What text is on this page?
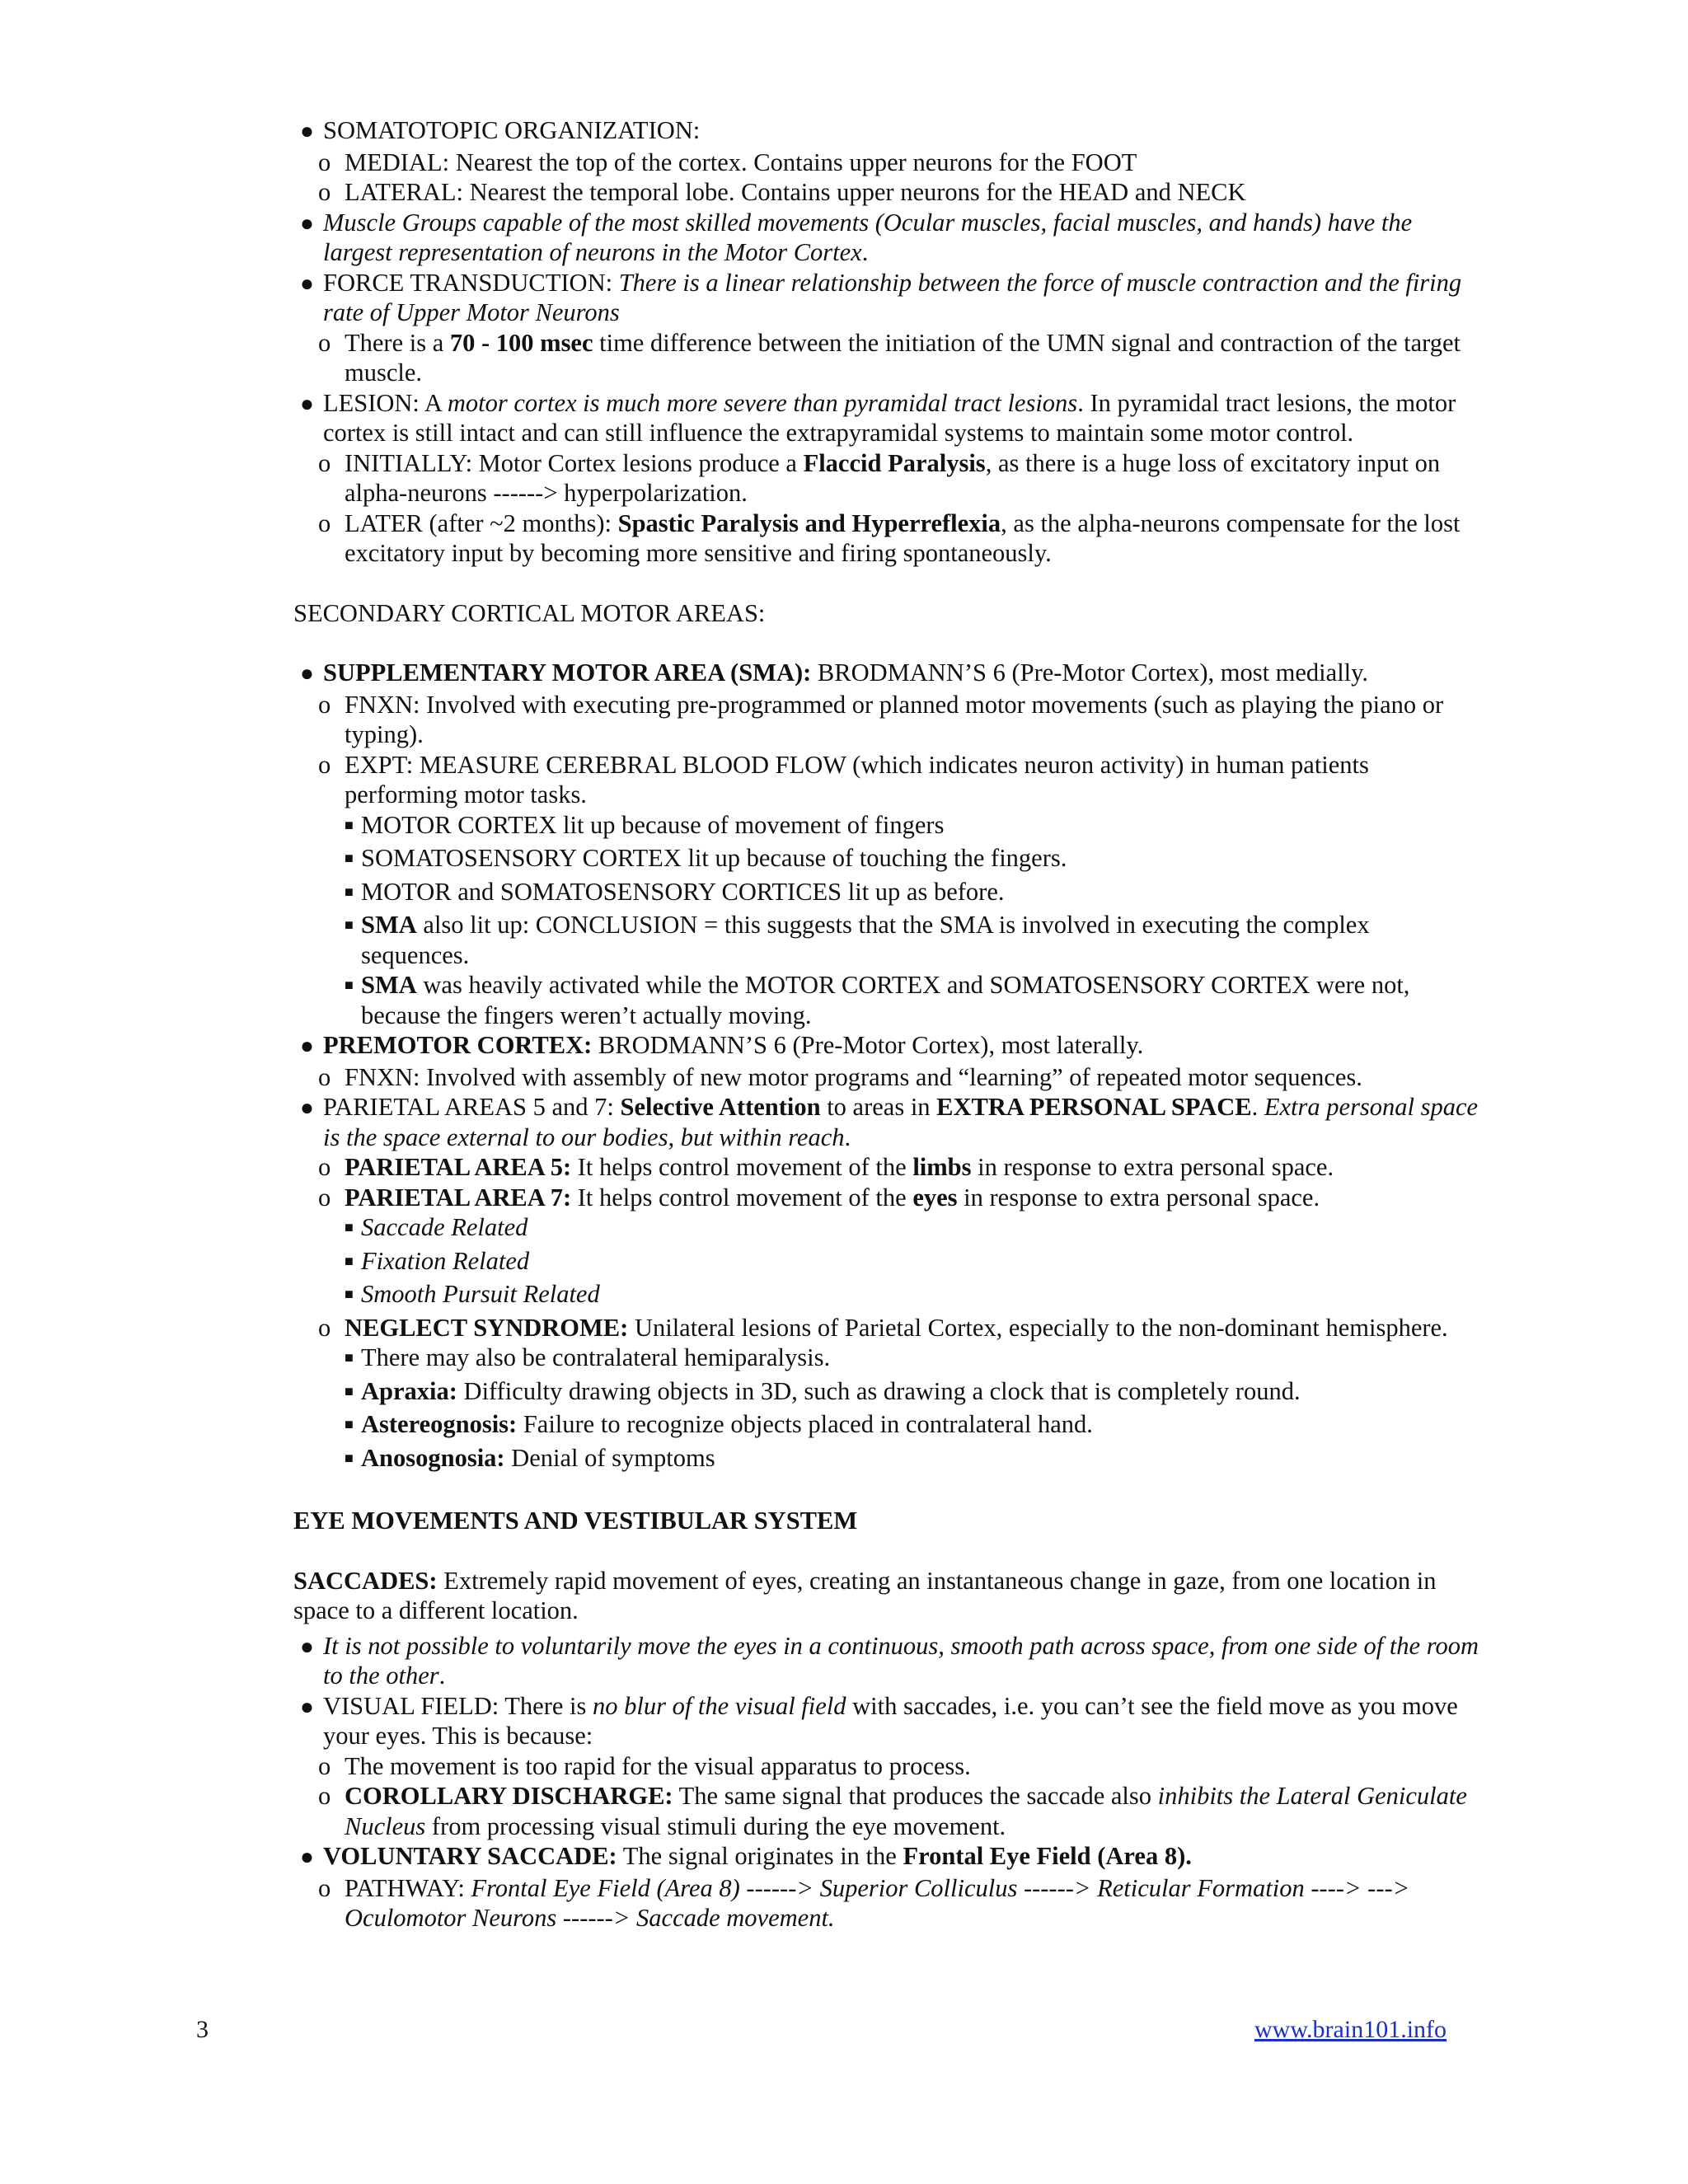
● SOMATOTOPIC ORGANIZATION:
o MEDIAL: Nearest the top of the cortex. Contains upper neurons for the FOOT
o LATERAL: Nearest the temporal lobe. Contains upper neurons for the HEAD and NECK
● Muscle Groups capable of the most skilled movements (Ocular muscles, facial muscles, and hands) have the largest representation of neurons in the Motor Cortex.
● FORCE TRANSDUCTION: There is a linear relationship between the force of muscle contraction and the firing rate of Upper Motor Neurons
o There is a 70 - 100 msec time difference between the initiation of the UMN signal and contraction of the target muscle.
● LESION: A motor cortex is much more severe than pyramidal tract lesions. In pyramidal tract lesions, the motor cortex is still intact and can still influence the extrapyramidal systems to maintain some motor control.
o INITIALLY: Motor Cortex lesions produce a Flaccid Paralysis, as there is a huge loss of excitatory input on alpha-neurons ------> hyperpolarization.
o LATER (after ~2 months): Spastic Paralysis and Hyperreflexia, as the alpha-neurons compensate for the lost excitatory input by becoming more sensitive and firing spontaneously.

SECONDARY CORTICAL MOTOR AREAS:

● SUPPLEMENTARY MOTOR AREA (SMA): BRODMANN’S 6 (Pre-Motor Cortex), most medially.
o FNXN: Involved with executing pre-programmed or planned motor movements (such as playing the piano or typing).
o EXPT: MEASURE CEREBRAL BLOOD FLOW (which indicates neuron activity) in human patients performing motor tasks.
■ MOTOR CORTEX lit up because of movement of fingers
■ SOMATOSENSORY CORTEX lit up because of touching the fingers.
■ MOTOR and SOMATOSENSORY CORTICES lit up as before.
■ SMA also lit up: CONCLUSION = this suggests that the SMA is involved in executing the complex sequences.
■ SMA was heavily activated while the MOTOR CORTEX and SOMATOSENSORY CORTEX were not, because the fingers weren’t actually moving.
● PREMOTOR CORTEX: BRODMANN’S 6 (Pre-Motor Cortex), most laterally.
o FNXN: Involved with assembly of new motor programs and “learning” of repeated motor sequences.
● PARIETAL AREAS 5 and 7: Selective Attention to areas in EXTRA PERSONAL SPACE. Extra personal space is the space external to our bodies, but within reach.
o PARIETAL AREA 5: It helps control movement of the limbs in response to extra personal space.
o PARIETAL AREA 7: It helps control movement of the eyes in response to extra personal space.
■ Saccade Related
■ Fixation Related
■ Smooth Pursuit Related
o NEGLECT SYNDROME: Unilateral lesions of Parietal Cortex, especially to the non-dominant hemisphere.
■ There may also be contralateral hemiparalysis.
■ Apraxia: Difficulty drawing objects in 3D, such as drawing a clock that is completely round.
■ Astereognosis: Failure to recognize objects placed in contralateral hand.
■ Anosognosia: Denial of symptoms

EYE MOVEMENTS AND VESTIBULAR SYSTEM

SACCADES: Extremely rapid movement of eyes, creating an instantaneous change in gaze, from one location in space to a different location.

● It is not possible to voluntarily move the eyes in a continuous, smooth path across space, from one side of the room to the other.
● VISUAL FIELD: There is no blur of the visual field with saccades, i.e. you can’t see the field move as you move your eyes. This is because:
o The movement is too rapid for the visual apparatus to process.
o COROLLARY DISCHARGE: The same signal that produces the saccade also inhibits the Lateral Geniculate Nucleus from processing visual stimuli during the eye movement.
● VOLUNTARY SACCADE: The signal originates in the Frontal Eye Field (Area 8).
o PATHWAY: Frontal Eye Field (Area 8) ------> Superior Colliculus ------> Reticular Formation ----> ---> Oculomotor Neurons ------> Saccade movement.
3	www.brain101.info
